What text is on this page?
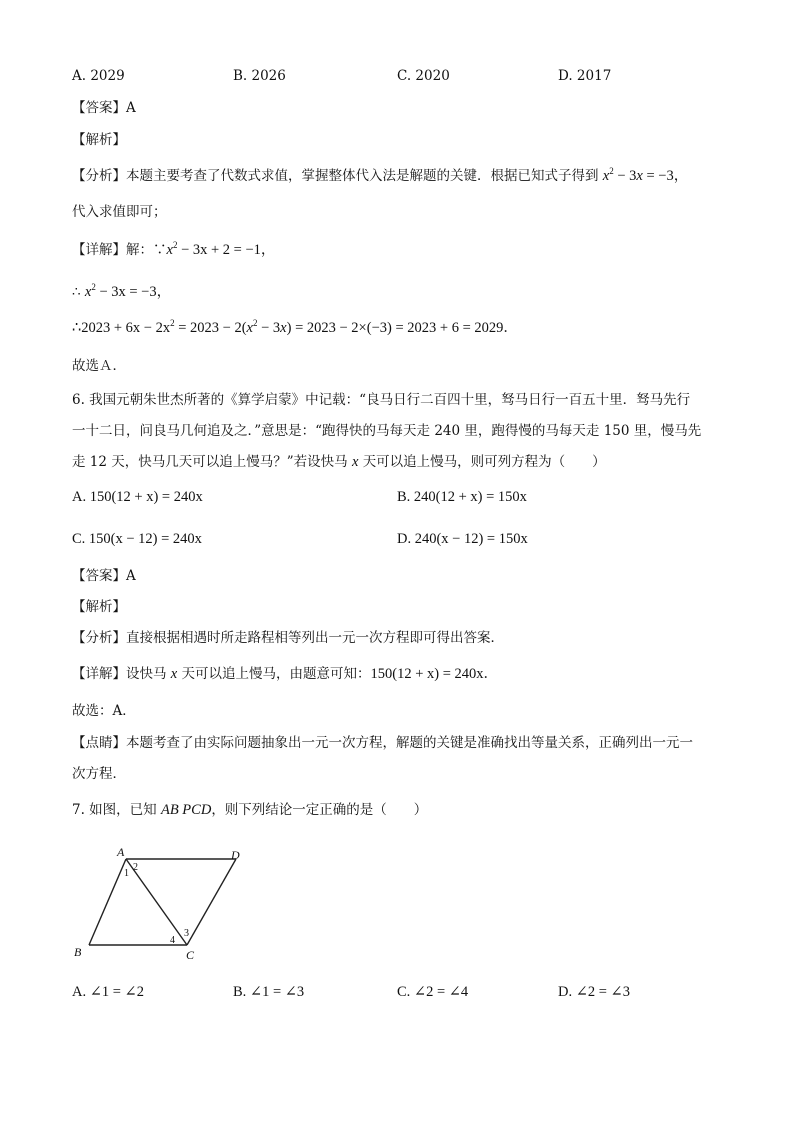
A. 2029	B. 2026	C. 2020	D. 2017
【答案】A
【解析】
【分析】本题主要考查了代数式求值，掌握整体代入法是解题的关键．根据已知式子得到 $x^2 - 3x = -3$，
代入求值即可；
【详解】解：$\because x^2 - 3x + 2 = -1$，
∴ $x^2 - 3x = -3$，
∴2023 + $6x - 2x^2 = 2023 - 2(x^2 - 3x) = 2023 - 2\times(-3) = 2023 + 6 = 2029$．
故选Ａ．
6. 我国元朝朱世杰所著的《算学启蒙》中记载：“良马日行二百四十里，驽马日行一百五十里．驽马先行
一十二日，问良马几何追及之．”意思是：“跑得快的马每天走 240 里，跑得慢的马每天走 150 里，慢马先
走 12 天，快马几天可以追上慢马？”若设快马 x 天可以追上慢马，则可列方程为（　　）
A. 150(12 + x) = 240x	B. 240(12 + x) = 150x
C. 150(x − 12) = 240x	D. 240(x − 12) = 150x
【答案】A
【解析】
【分析】直接根据相遇时所走路程相等列出一元一次方程即可得出答案．
【详解】设快马 x 天可以追上慢马，由题意可知：150(12 + x) = 240x．
故选：A．
【点睛】本题考查了由实际问题抽象出一元一次方程，解题的关键是准确找出等量关系，正确列出一元一
次方程．
7. 如图，已知 AB PCD，则下列结论一定正确的是（　　）
A	D
B	C
1
2
3
4
A. ∠1 = ∠2	B. ∠1 = ∠3	C. ∠2 = ∠4	D. ∠2 = ∠3
